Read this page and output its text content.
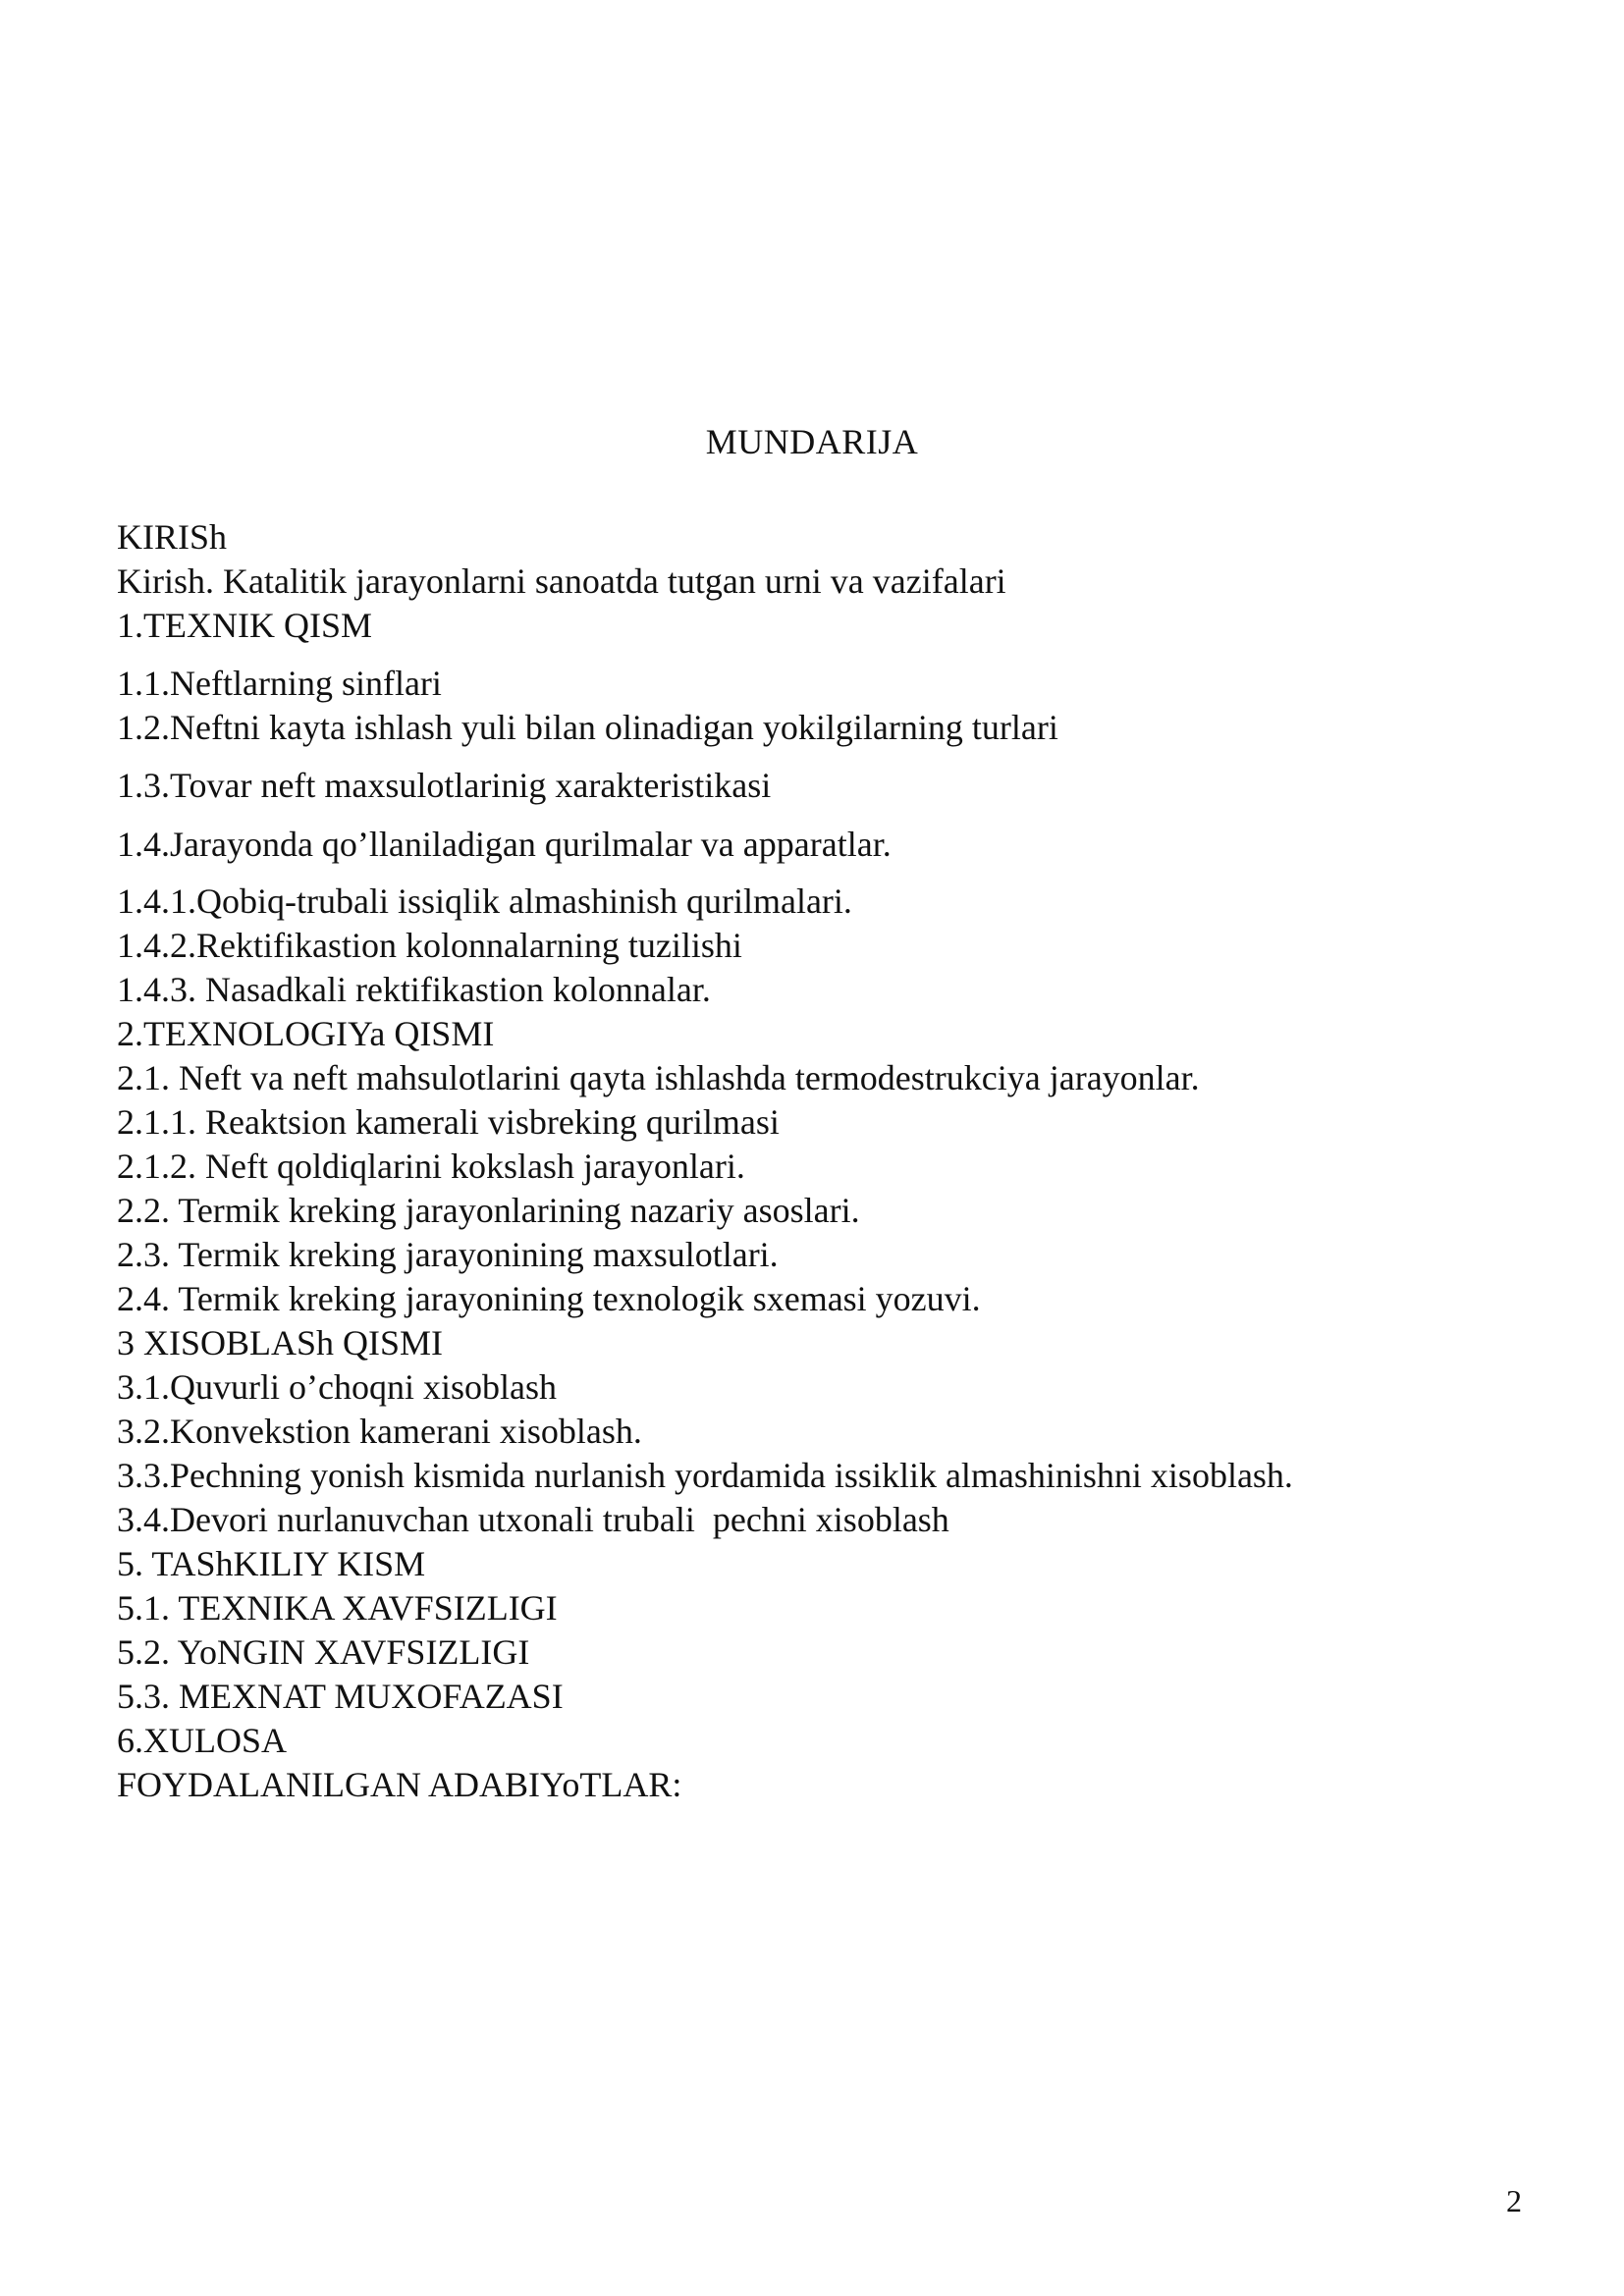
MUNDARIJA
KIRISh
Kirish. Katalitik jarayonlarni sanoatda tutgan urni va vazifalari
1.TEXNIK QISM
1.1.Neftlarning sinflari
1.2.Neftni kayta ishlash yuli bilan olinadigan yokilgilarning turlari
1.3.Tovar neft maxsulotlarinig xarakteristikasi
1.4.Jarayonda qo’llaniladigan qurilmalar va apparatlar.
1.4.1.Qobiq-trubali issiqlik almashinish qurilmalari.
1.4.2.Rektifikastion kolonnalarning tuzilishi
1.4.3. Nasadkali rektifikastion kolonnalar.
2.TEXNOLOGIYa QISMI
2.1. Neft va neft mahsulotlarini qayta ishlashda termodestrukciya jarayonlar.
2.1.1. Reaktsion kamerali visbreking qurilmasi
2.1.2. Neft qoldiqlarini kokslash jarayonlari.
2.2. Termik kreking jarayonlarining nazariy asoslari.
2.3. Termik kreking jarayonining maxsulotlari.
2.4. Termik kreking jarayonining texnologik sxemasi yozuvi.
3 XISOBLASh QISMI
3.1.Quvurli o’choqni xisoblash
3.2.Konvekstion kamerani xisoblash.
3.3.Pechning yonish kismida nurlanish yordamida issiklik almashinishni xisoblash.
3.4.Devori nurlanuvchan utxonali trubali  pechni xisoblash
5. TAShKILIY KISM
5.1. TEXNIKA XAVFSIZLIGI
5.2. YoNGIN XAVFSIZLIGI
5.3. MEXNAT MUXOFAZASI
6.XULOSA
FOYDALANILGAN ADABIYoTLAR:
2
